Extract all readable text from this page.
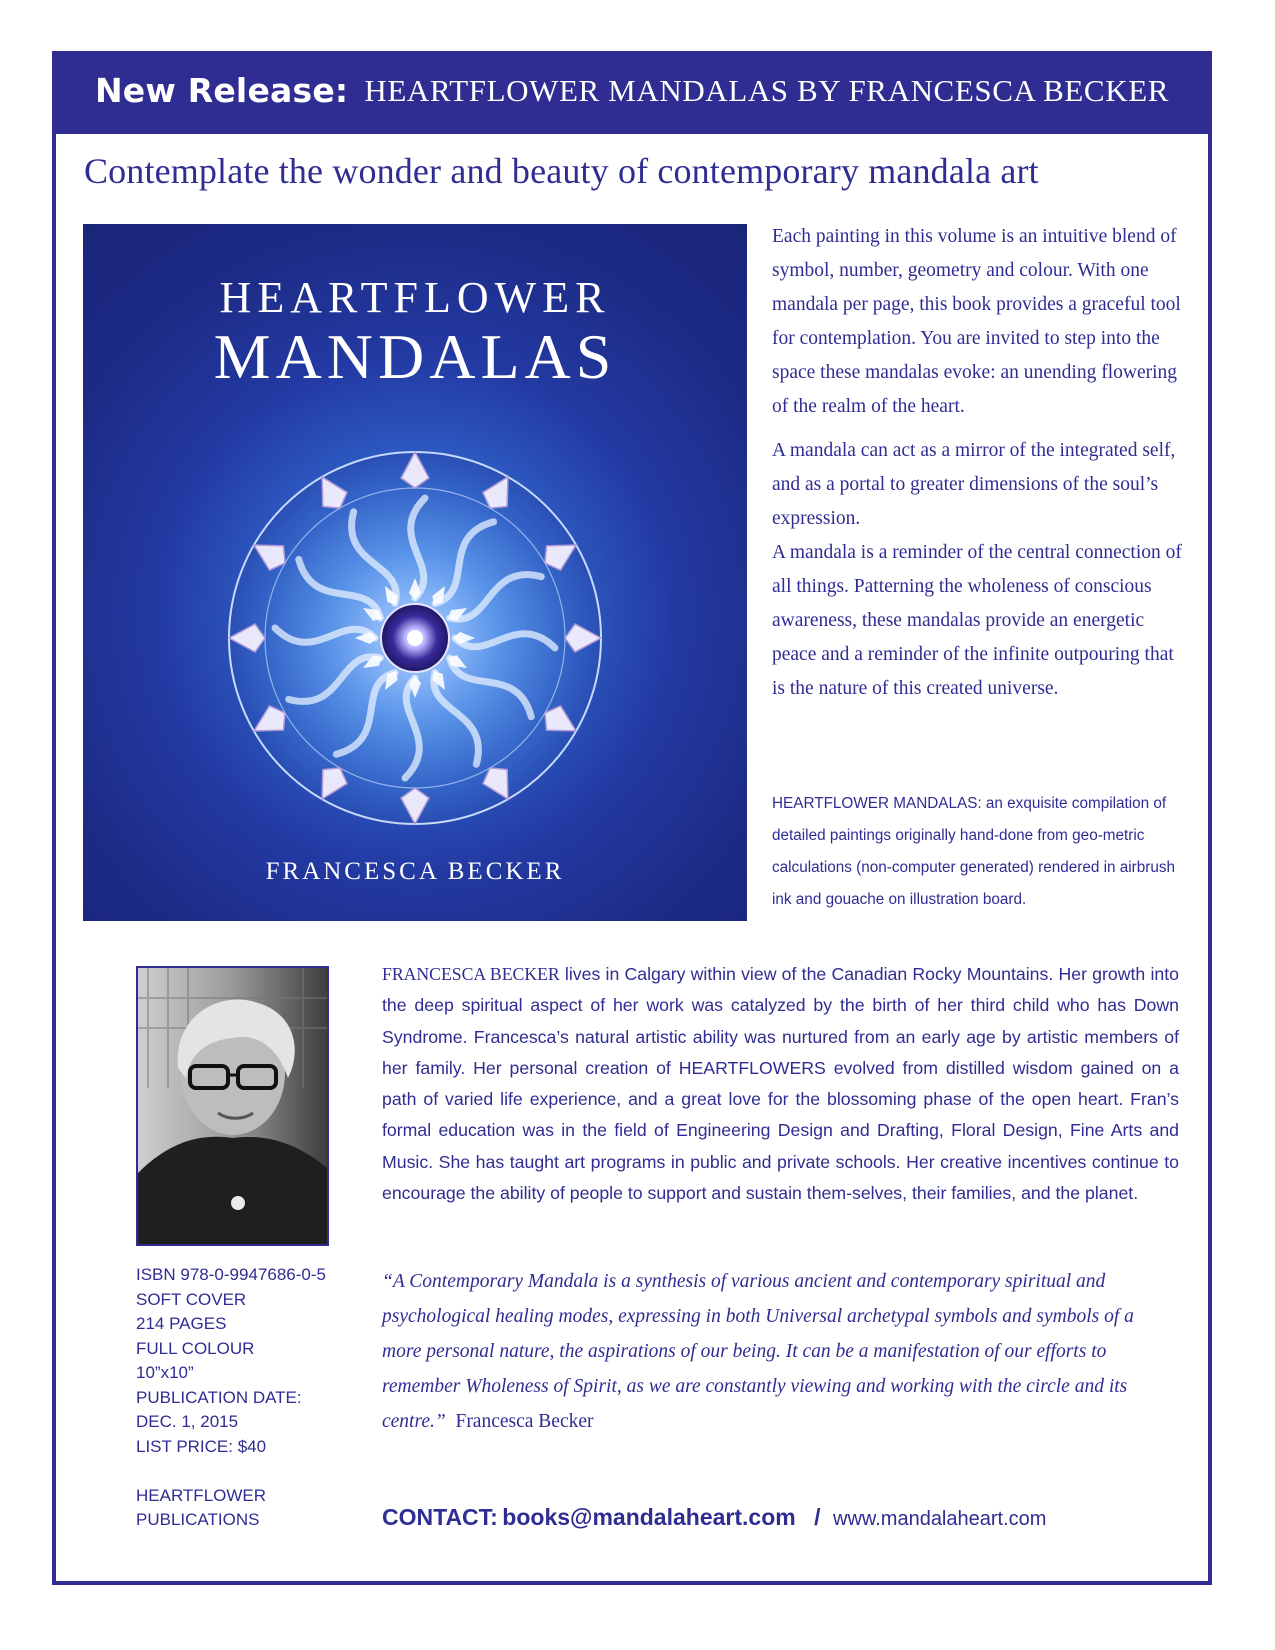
New Release: HEARTFLOWER MANDALAS BY FRANCESCA BECKER
Contemplate the wonder and beauty of contemporary mandala art
HEARTFLOWER
MANDALAS
FRANCESCA BECKER

Each painting in this volume is an intuitive blend of symbol, number, geometry and colour. With one mandala per page, this book provides a graceful tool for contemplation. You are invited to step into the space these mandalas evoke: an unending flowering of the realm of the heart.

A mandala can act as a mirror of the integrated self, and as a portal to greater dimensions of the soul’s expression.

A mandala is a reminder of the central connection of all things. Patterning the wholeness of conscious awareness, these mandalas provide an energetic peace and a reminder of the infinite outpouring that is the nature of this created universe.

HEARTFLOWER MANDALAS: an exquisite compilation of detailed paintings originally hand-done from geo-metric calculations (non-computer generated) rendered in airbrush ink and gouache on illustration board.
FRANCESCA BECKER lives in Calgary within view of the Canadian Rocky Mountains. Her growth into the deep spiritual aspect of her work was catalyzed by the birth of her third child who has Down Syndrome. Francesca’s natural artistic ability was nurtured from an early age by artistic members of her family. Her personal creation of HEARTFLOWERS evolved from distilled wisdom gained on a path of varied life experience, and a great love for the blossoming phase of the open heart. Fran’s formal education was in the field of Engineering Design and Drafting, Floral Design, Fine Arts and Music. She has taught art programs in public and private schools. Her creative incentives continue to encourage the ability of people to support and sustain them-selves, their families, and the planet.
“A Contemporary Mandala is a synthesis of various ancient and contemporary spiritual and psychological healing modes, expressing in both Universal archetypal symbols and symbols of a more personal nature, the aspirations of our being. It can be a manifestation of our efforts to remember Wholeness of Spirit, as we are constantly viewing and working with the circle and its centre.” Francesca Becker
ISBN 978-0-9947686-0-5
SOFT COVER
214 PAGES
FULL COLOUR
10”x10”
PUBLICATION DATE:
DEC. 1, 2015
LIST PRICE: $40
HEARTFLOWER
PUBLICATIONS	CONTACT: books@mandalaheart.com / www.mandalaheart.com
